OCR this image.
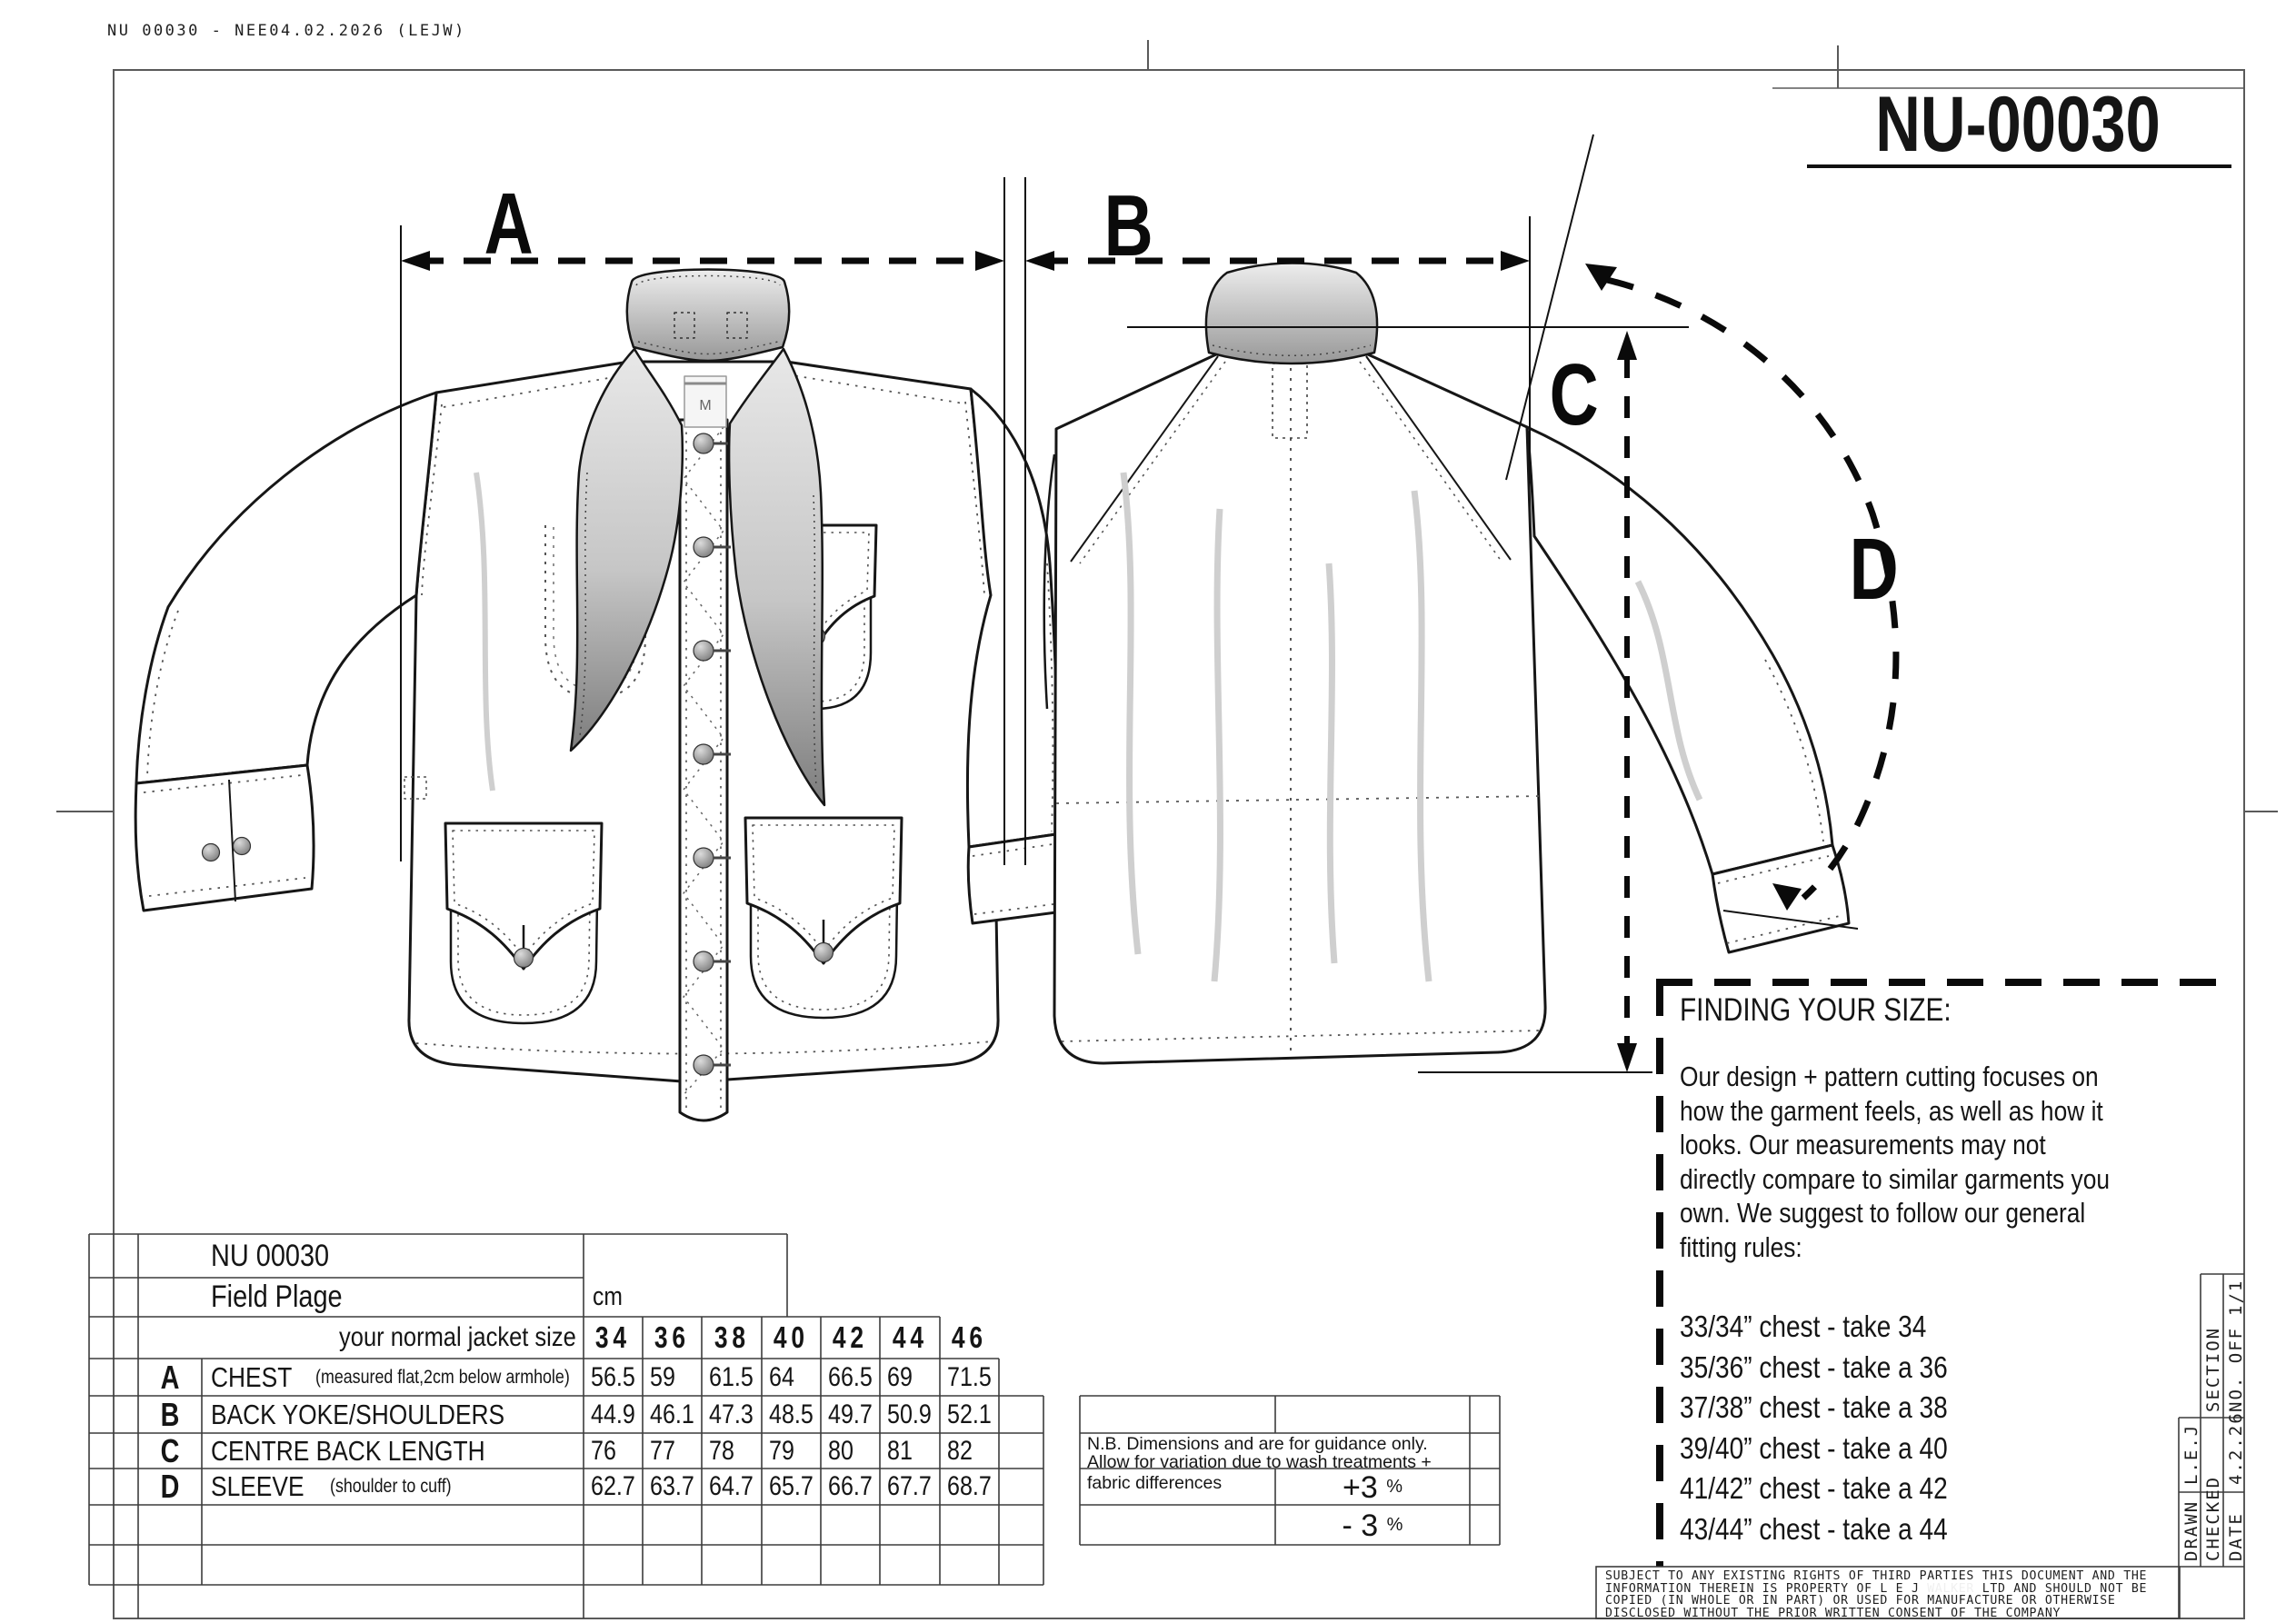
NU 00030 - NEE04.02.2026 (LEJW)
NU-00030
A	B
C
D
M
NU 00030
Field Plage	cm
your normal jacket size 34 36 38 40 42 44 46
A CHEST (measured flat,2cm below armhole) 56.5 59 61.5 64 66.5 69 71.5
B BACK YOKE/SHOULDERS	44.9 46.1 47.3 48.5 49.7 50.9 52.1
C CENTRE BACK LENGTH	76 77 78 79 80 81 82
D SLEEVE (shoulder to cuff)	62.7 63.7 64.7 65.7 66.7 67.7 68.7
N.B. Dimensions and are for guidance only.
Allow for variation due to wash treatments +
fabric differences	+3 %
- 3 %
FINDING YOUR SIZE:
Our design + pattern cutting focuses on
how the garment feels, as well as how it
looks. Our measurements may not
directly compare to similar garments you
own. We suggest to follow our general
fitting rules:
33/34” chest - take 34
35/36” chest - take a 36
37/38” chest - take a 38
39/40” chest - take a 40
41/42” chest - take a 42
43/44” chest - take a 44
SECTION NO. OFF
1/1
L.E.J 4.2.26
DRAWN CHECKED DATE
SUBJECT TO ANY EXISTING RIGHTS OF THIRD PARTIES THIS DOCUMENT AND THE
INFORMATION THEREIN IS PROPERTY OF L E J WALKER LTD AND SHOULD NOT BE
COPIED (IN WHOLE OR IN PART) OR USED FOR MANUFACTURE OR OTHERWISE
DISCLOSED WITHOUT THE PRIOR WRITTEN CONSENT OF THE COMPANY
